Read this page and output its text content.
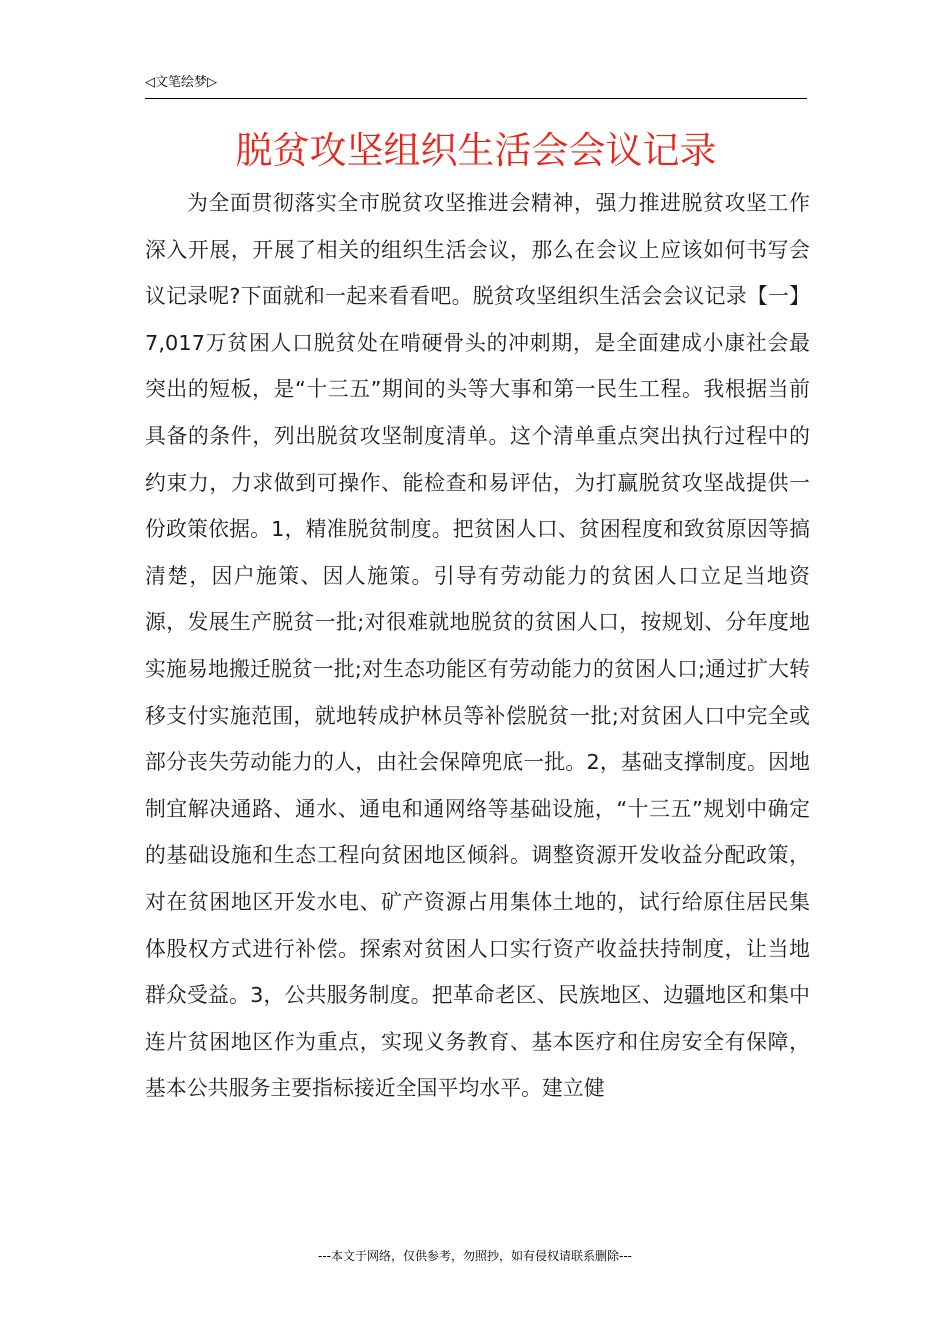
◁文笔绘梦▷
脱贫攻坚组织生活会会议记录

为全面贯彻落实全市脱贫攻坚推进会精神，强力推进脱贫攻坚工作深入开展，开展了相关的组织生活会议，那么在会议上应该如何书写会议记录呢?下面就和一起来看看吧。脱贫攻坚组织生活会会议记录【一】7,017万贫困人口脱贫处在啃硬骨头的冲刺期，是全面建成小康社会最突出的短板，是“十三五”期间的头等大事和第一民生工程。我根据当前具备的条件，列出脱贫攻坚制度清单。这个清单重点突出执行过程中的约束力，力求做到可操作、能检查和易评估，为打赢脱贫攻坚战提供一份政策依据。1，精准脱贫制度。把贫困人口、贫困程度和致贫原因等搞清楚，因户施策、因人施策。引导有劳动能力的贫困人口立足当地资源，发展生产脱贫一批;对很难就地脱贫的贫困人口，按规划、分年度地实施易地搬迁脱贫一批;对生态功能区有劳动能力的贫困人口;通过扩大转移支付实施范围，就地转成护林员等补偿脱贫一批;对贫困人口中完全或部分丧失劳动能力的人，由社会保障兜底一批。2，基础支撑制度。因地制宜解决通路、通水、通电和通网络等基础设施，“十三五”规划中确定的基础设施和生态工程向贫困地区倾斜。调整资源开发收益分配政策，对在贫困地区开发水电、矿产资源占用集体土地的，试行给原住居民集体股权方式进行补偿。探索对贫困人口实行资产收益扶持制度，让当地群众受益。3，公共服务制度。把革命老区、民族地区、边疆地区和集中连片贫困地区作为重点，实现义务教育、基本医疗和住房安全有保障，基本公共服务主要指标接近全国平均水平。建立健

---本文于网络，仅供参考，勿照抄，如有侵权请联系删除---
